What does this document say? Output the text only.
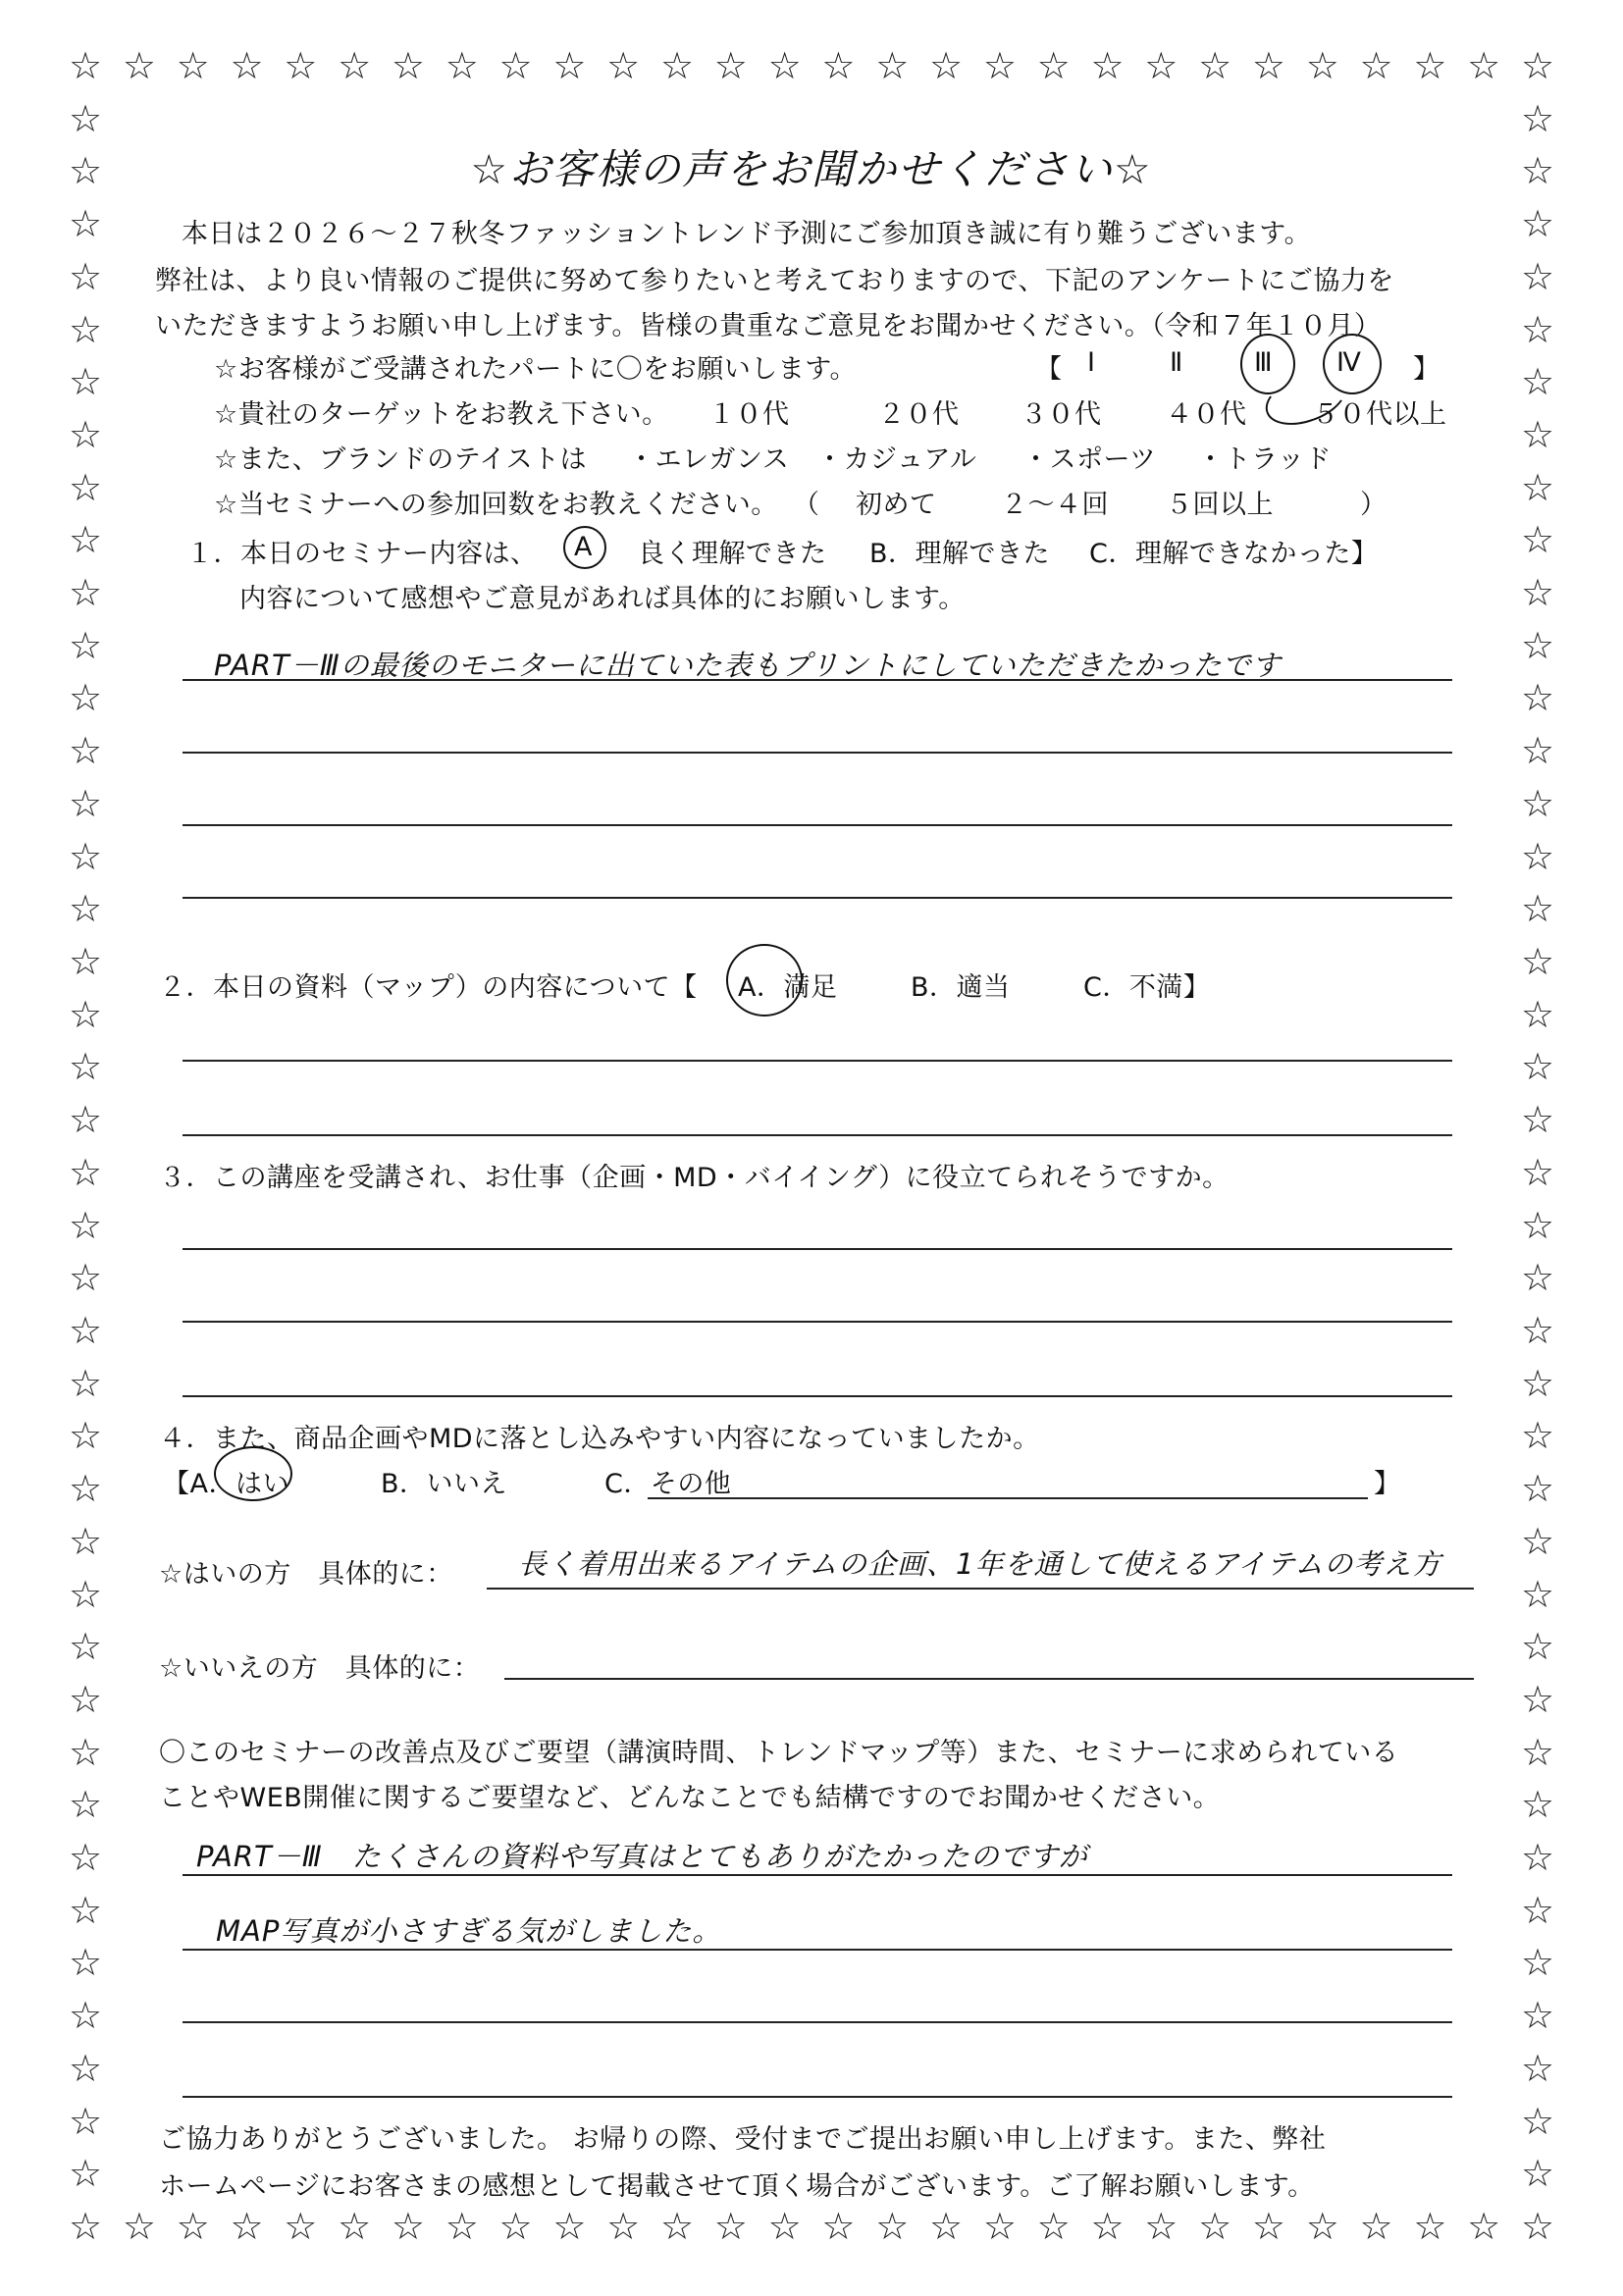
☆
☆
☆
☆
☆
☆
☆
☆
☆
☆
☆
☆
☆
☆
☆
☆
☆
☆
☆
☆
☆
☆
☆
☆
☆
☆
☆
☆
☆
☆
☆
☆
☆
☆
☆
☆
☆
☆
☆
☆
☆
☆
☆
☆
☆
☆
☆
☆
☆
☆
☆
☆
☆
☆
☆
☆
☆	☆
☆	☆
☆	☆
☆	☆
☆	☆
☆	☆
☆	☆
☆	☆
☆	☆
☆	☆
☆	☆
☆	☆
☆	☆
☆	☆
☆	☆
☆	☆
☆	☆
☆	☆
☆	☆
☆	☆
☆	☆
☆	☆
☆	☆
☆	☆
☆	☆
☆	☆
☆	☆
☆	☆
☆	☆
☆	☆
☆	☆
☆	☆
☆	☆
☆	☆
☆	☆
☆	☆
☆	☆
☆	☆
☆	☆
☆	☆
☆お客様の声をお聞かせください☆
本日は２０２６～２７秋冬ファッショントレンド予測にご参加頂き誠に有り難うございます。
弊社は、より良い情報のご提供に努めて参りたいと考えておりますので、下記のアンケートにご協力を
いただきますようお願い申し上げます。皆様の貴重なご意見をお聞かせください。（令和７年１０月）
☆お客様がご受講されたパートに〇をお願いします。	【 Ⅰ	Ⅱ	Ⅲ Ⅳ 】
☆貴社のターゲットをお教え下さい。 １０代	２０代 ３０代 ４０代 ５０代以上
☆また、ブランドのテイストは ・エレガンス ・カジュアル ・スポーツ ・トラッド
☆当セミナーへの参加回数をお教えください。 （ 初めて ２～４回 ５回以上	）
１．本日のセミナー内容は、 A 良く理解できた B．理解できた C．理解できなかった】
内容について感想やご意見があれば具体的にお願いします。
PART－Ⅲの最後のモニターに出ていた表もプリントにしていただきたかったです
２．本日の資料（マップ）の内容について【 A．満足	B．適当	C．不満】
３．この講座を受講され、お仕事（企画・MD・バイイング）に役立てられそうですか。
４．また、商品企画やMDに落とし込みやすい内容になっていましたか。
【A．はい	B．いいえ	C．その他	】
☆はいの方　具体的に： 長く着用出来るアイテムの企画、1年を通して使えるアイテムの考え方
☆いいえの方　具体的に：
〇このセミナーの改善点及びご要望（講演時間、トレンドマップ等）また、セミナーに求められている
ことやWEB開催に関するご要望など、どんなことでも結構ですのでお聞かせください。
PART－Ⅲ　たくさんの資料や写真はとてもありがたかったのですが
MAP写真が小さすぎる気がしました。
ご協力ありがとうございました。 お帰りの際、受付までご提出お願い申し上げます。また、弊社
ホームページにお客さまの感想として掲載させて頂く場合がございます。ご了解お願いします。
